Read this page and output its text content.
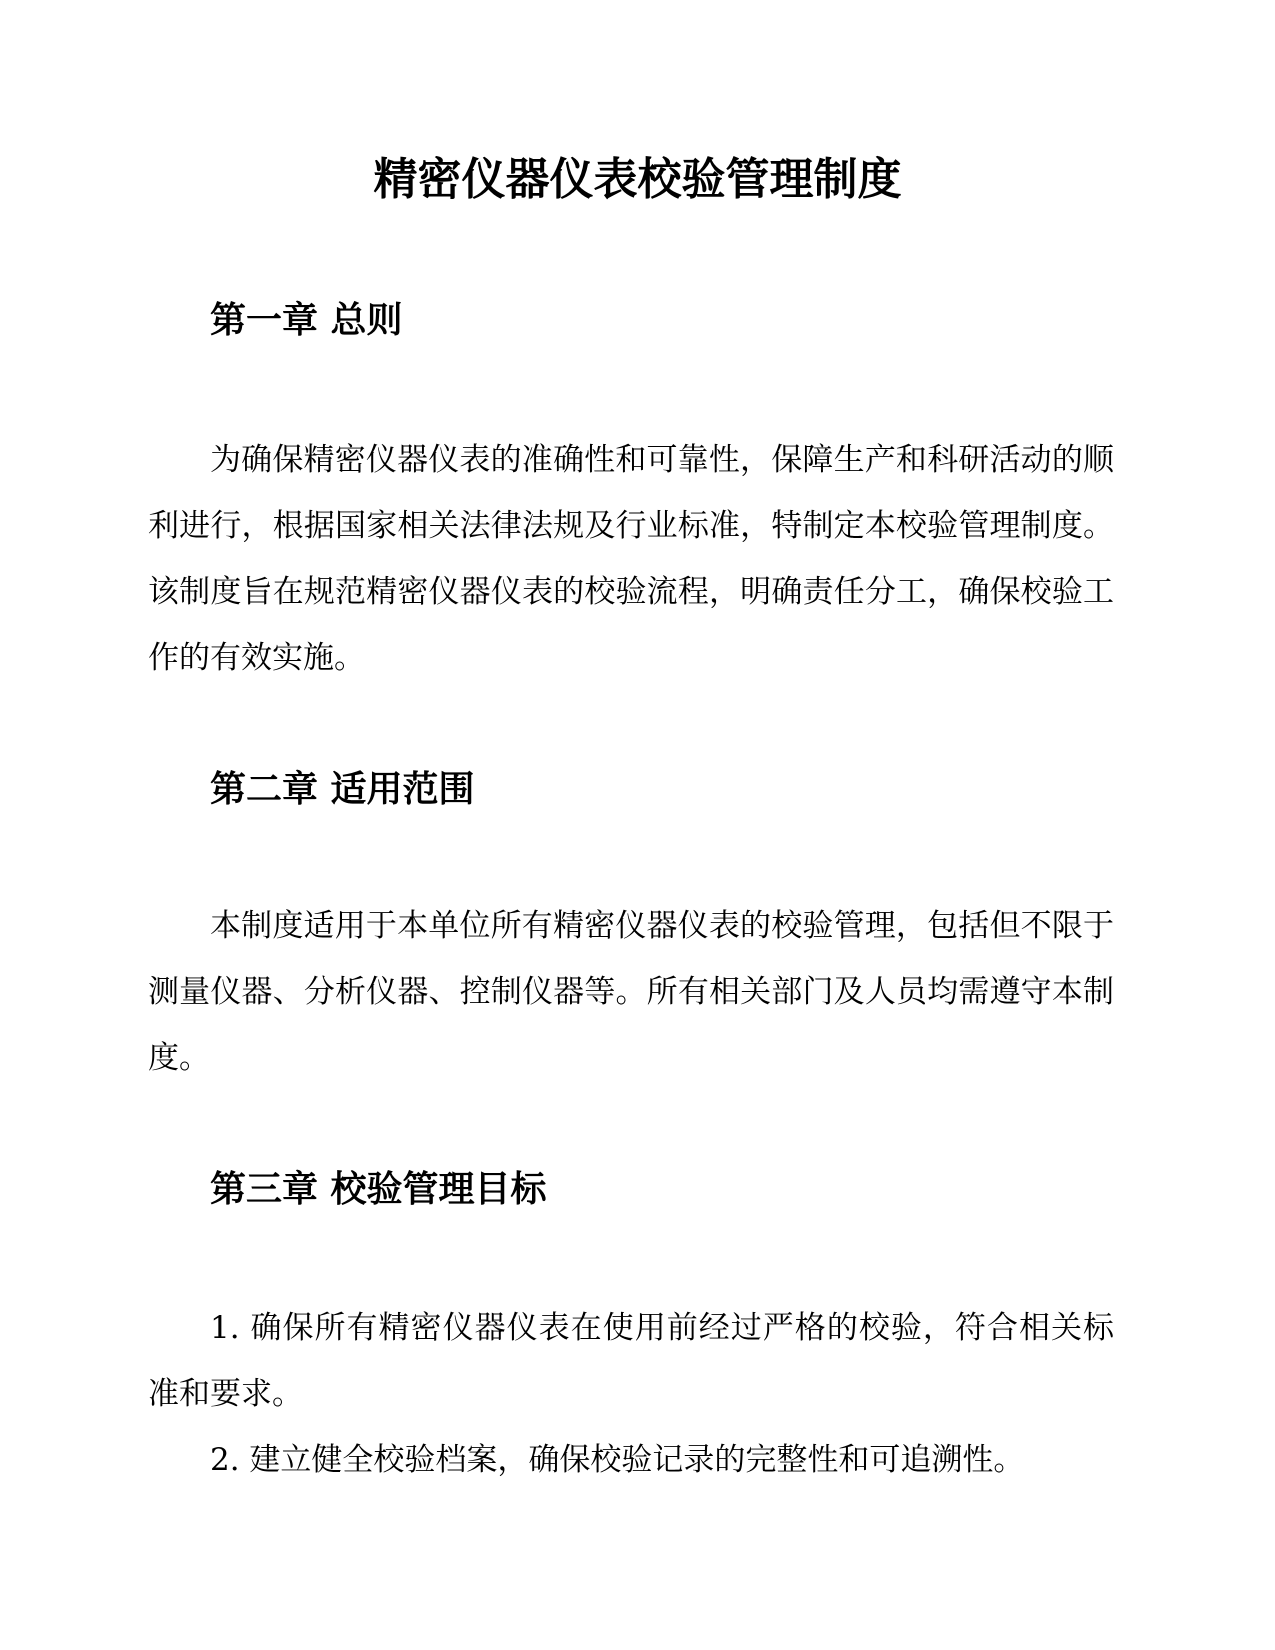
精密仪器仪表校验管理制度
第一章 总则

为确保精密仪器仪表的准确性和可靠性，保障生产和科研活动的顺利进行，根据国家相关法律法规及行业标准，特制定本校验管理制度。该制度旨在规范精密仪器仪表的校验流程，明确责任分工，确保校验工作的有效实施。

第二章 适用范围

本制度适用于本单位所有精密仪器仪表的校验管理，包括但不限于测量仪器、分析仪器、控制仪器等。所有相关部门及人员均需遵守本制度。

第三章 校验管理目标

1. 确保所有精密仪器仪表在使用前经过严格的校验，符合相关标准和要求。

2. 建立健全校验档案，确保校验记录的完整性和可追溯性。
